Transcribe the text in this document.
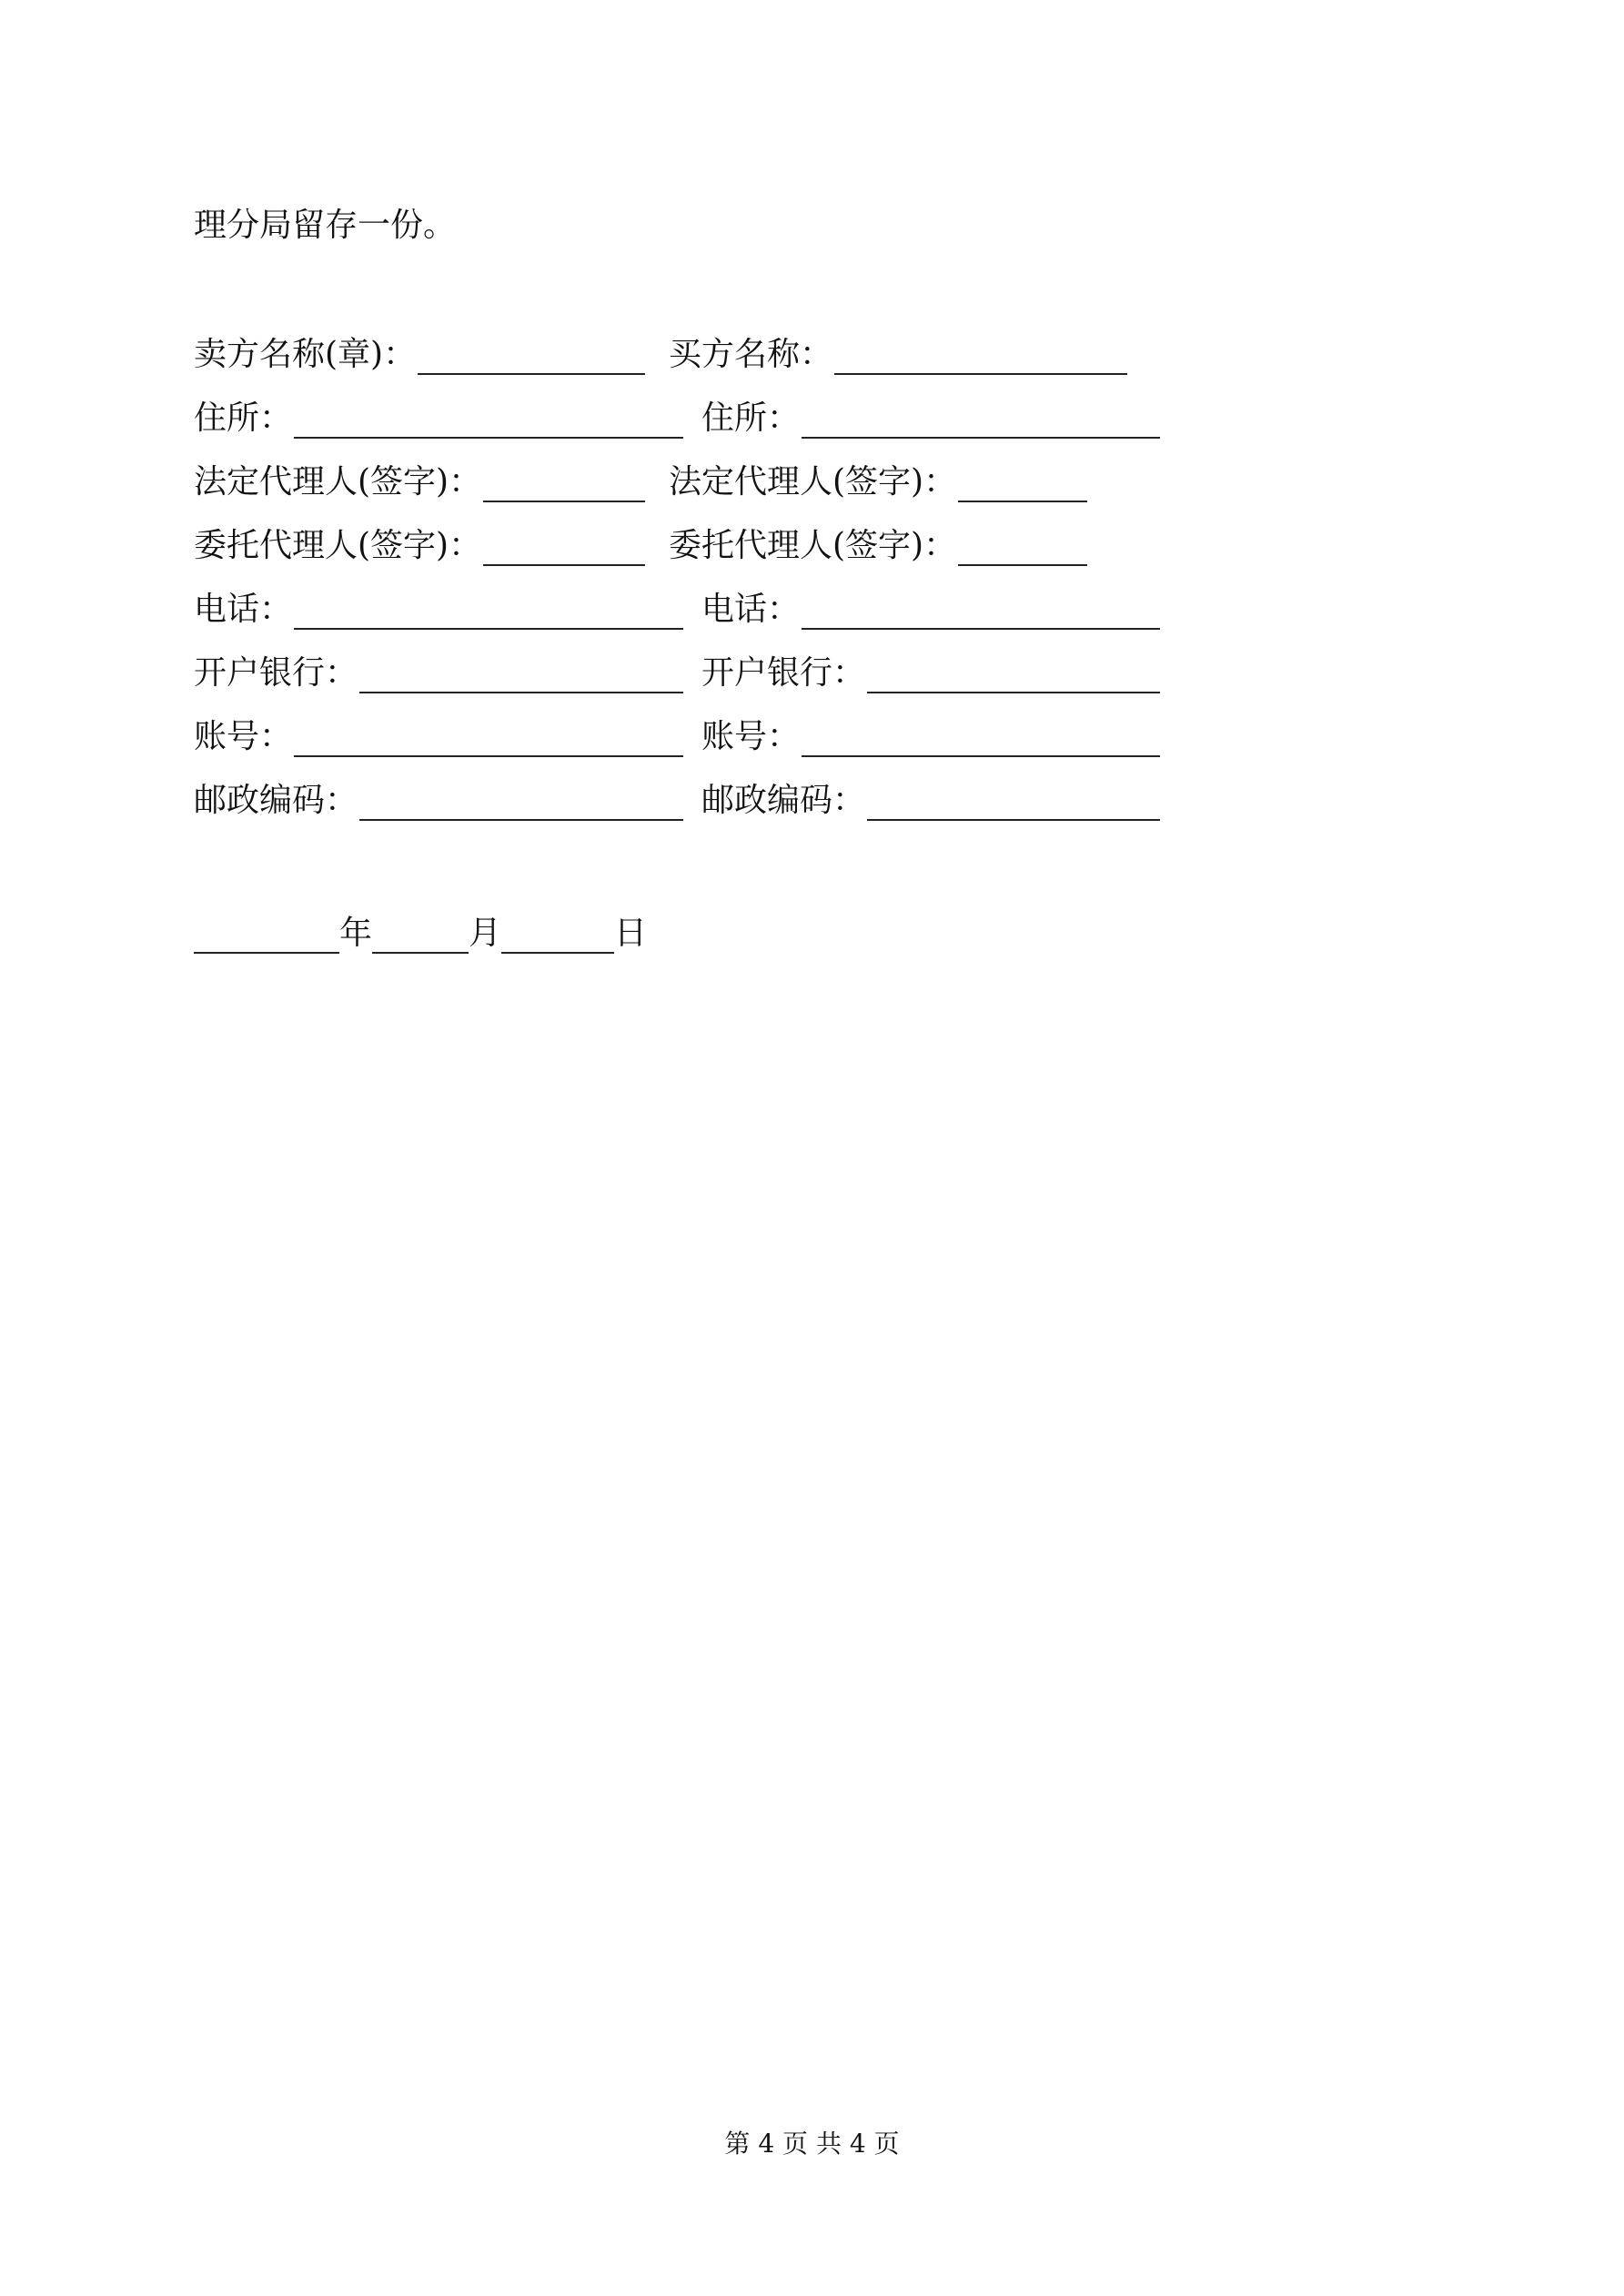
理分局留存一份。
卖方名称(章)：	买方名称：
住所：	住所：
法定代理人(签字)：	法定代理人(签字)：
委托代理人(签字)：	委托代理人(签字)：
电话：	电话：
开户银行：	开户银行：
账号：	账号：
邮政编码：	邮政编码：
年	月	日
第 4 页 共 4 页
